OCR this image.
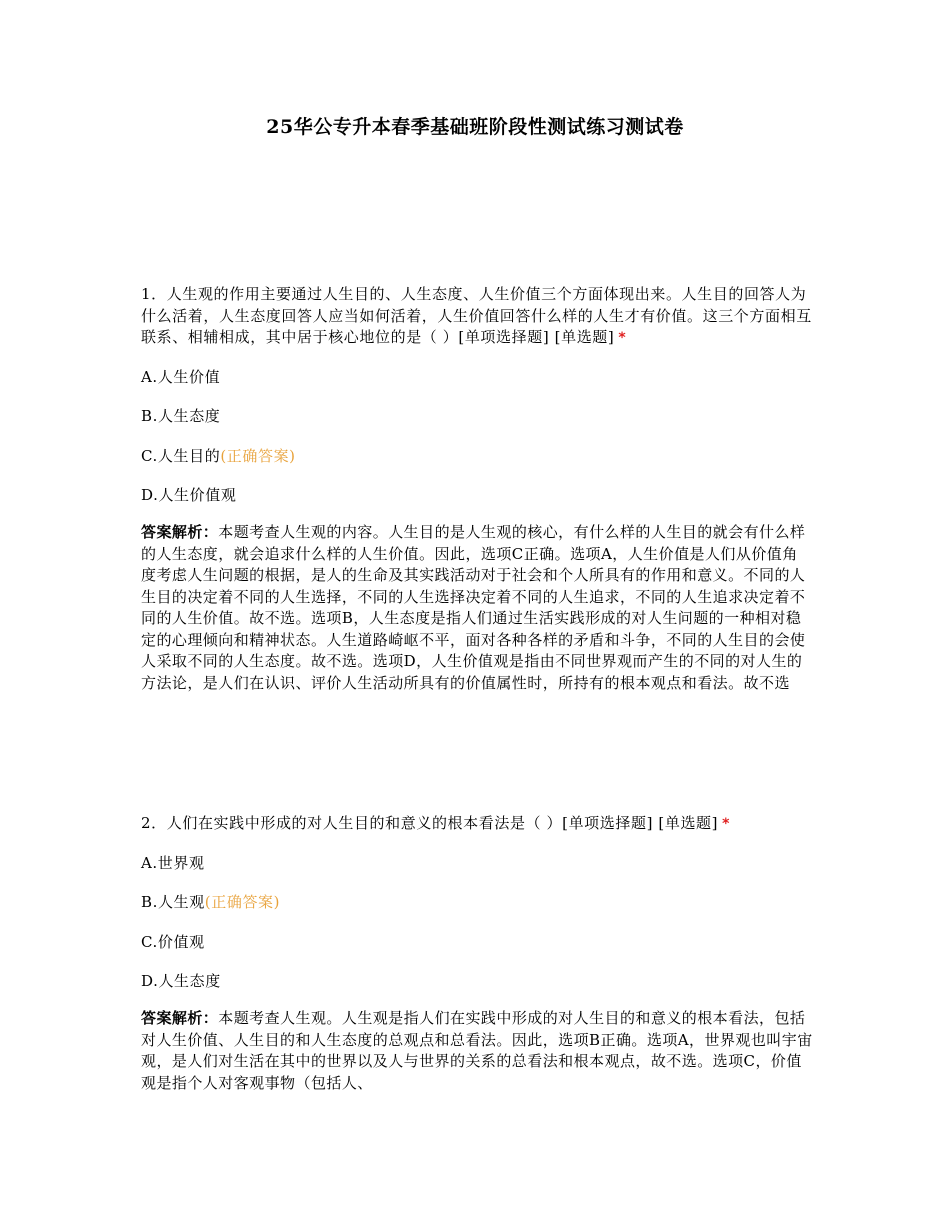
25华公专升本春季基础班阶段性测试练习测试卷

1．人生观的作用主要通过人生目的、人生态度、人生价值三个方面体现出来。人生目的回答人为什么活着，人生态度回答人应当如何活着，人生价值回答什么样的人生才有价值。这三个方面相互联系、相辅相成，其中居于核心地位的是（ ）[单项选择题] [单选题] *

A.人生价值

B.人生态度

C.人生目的(正确答案)

D.人生价值观

答案解析：本题考查人生观的内容。人生目的是人生观的核心，有什么样的人生目的就会有什么样的人生态度，就会追求什么样的人生价值。因此，选项C正确。选项A，人生价值是人们从价值角度考虑人生问题的根据，是人的生命及其实践活动对于社会和个人所具有的作用和意义。不同的人生目的决定着不同的人生选择，不同的人生选择决定着不同的人生追求，不同的人生追求决定着不同的人生价值。故不选。选项B，人生态度是指人们通过生活实践形成的对人生问题的一种相对稳定的心理倾向和精神状态。人生道路崎岖不平，面对各种各样的矛盾和斗争，不同的人生目的会使人采取不同的人生态度。故不选。选项D，人生价值观是指由不同世界观而产生的不同的对人生的方法论，是人们在认识、评价人生活动所具有的价值属性时，所持有的根本观点和看法。故不选

2．人们在实践中形成的对人生目的和意义的根本看法是（ ）[单项选择题] [单选题] *

A.世界观

B.人生观(正确答案)

C.价值观

D.人生态度

答案解析：本题考查人生观。人生观是指人们在实践中形成的对人生目的和意义的根本看法，包括对人生价值、人生目的和人生态度的总观点和总看法。因此，选项B正确。选项A，世界观也叫宇宙观，是人们对生活在其中的世界以及人与世界的关系的总看法和根本观点，故不选。选项C，价值观是指个人对客观事物（包括人、
